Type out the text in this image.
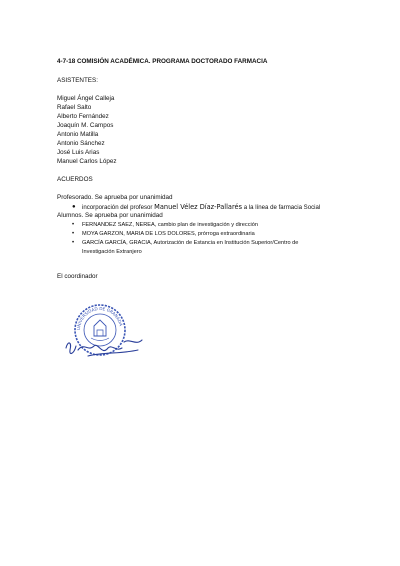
4-7-18 COMISIÓN ACADÉMICA. PROGRAMA DOCTORADO FARMACIA
ASISTENTES:
Miguel Ángel Calleja
Rafael Salto
Alberto Fernández
Joaquín M. Campos
Antonio Matilla
Antonio Sánchez
José Luis Arias
Manuel Carlos López
ACUERDOS
Profesorado. Se aprueba por unanimidad
● incorporación del profesor Manuel Vélez Díaz-Pallarés a la línea de farmacia Social
Alumnos. Se aprueba por unanimidad
• FERNANDEZ SAEZ, NEREA, cambio plan de investigación y dirección
• MOYA GARZON, MARIA DE LOS DOLORES, prórroga extraordinaria
• GARCÍA GARCÍA, GRACIA, Autorización de Estancia en Institución Superior/Centro de
Investigación Extranjero
El coordinador
UNIVERSIDAD DE GRANADA
